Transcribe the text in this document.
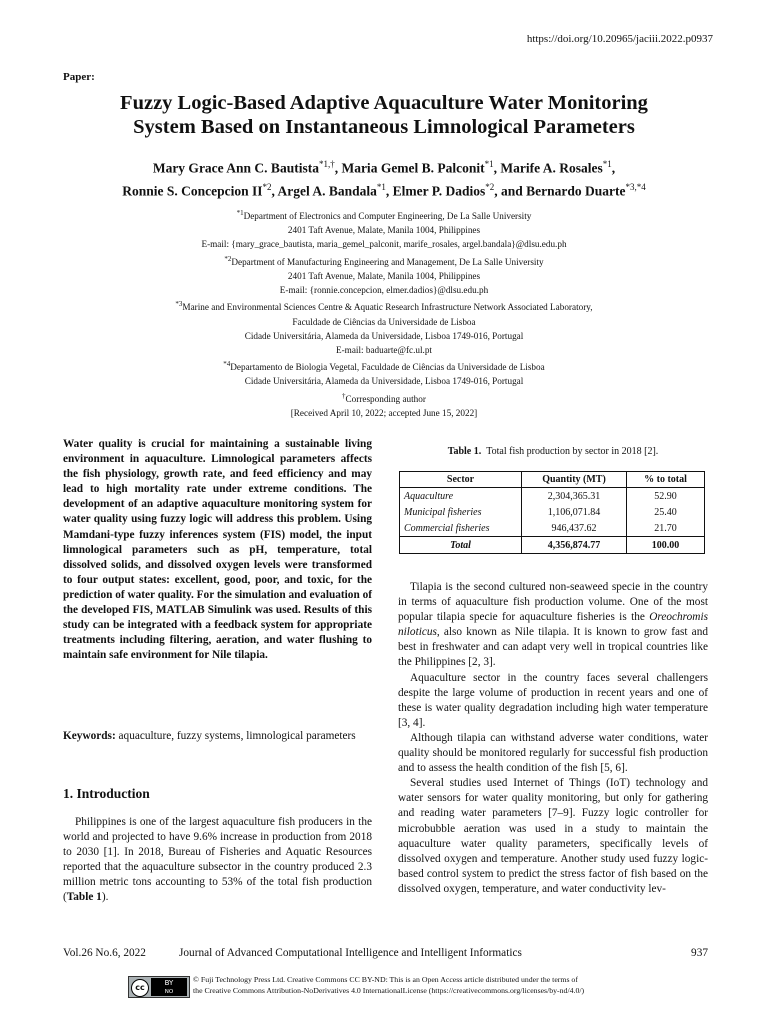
https://doi.org/10.20965/jaciii.2022.p0937
Paper:
Fuzzy Logic-Based Adaptive Aquaculture Water Monitoring
System Based on Instantaneous Limnological Parameters
Mary Grace Ann C. Bautista$^{*1,\dagger}$, Maria Gemel B. Palconit$^{*1}$, Marife A. Rosales$^{*1}$,
Ronnie S. Concepcion II$^{*2}$, Argel A. Bandala$^{*1}$, Elmer P. Dadios$^{*2}$, and Bernardo Duarte$^{*3,*4}$
$^{*1}$Department of Electronics and Computer Engineering, De La Salle University
2401 Taft Avenue, Malate, Manila 1004, Philippines
E-mail: {mary_grace_bautista, maria_gemel_palconit, marife_rosales, argel.bandala}@dlsu.edu.ph
$^{*2}$Department of Manufacturing Engineering and Management, De La Salle University
2401 Taft Avenue, Malate, Manila 1004, Philippines
E-mail: {ronnie.concepcion, elmer.dadios}@dlsu.edu.ph
$^{*3}$Marine and Environmental Sciences Centre & Aquatic Research Infrastructure Network Associated Laboratory,
Faculdade de Ciências da Universidade de Lisboa
Cidade Universitária, Alameda da Universidade, Lisboa 1749-016, Portugal
E-mail: baduarte@fc.ul.pt
$^{*4}$Departamento de Biologia Vegetal, Faculdade de Ciências da Universidade de Lisboa
Cidade Universitária, Alameda da Universidade, Lisboa 1749-016, Portugal
†Corresponding author
[Received April 10, 2022; accepted June 15, 2022]
Water quality is crucial for maintaining a sustainable living environment in aquaculture. Limnological parameters affects the fish physiology, growth rate, and feed efficiency and may lead to high mortality rate under extreme conditions. The development of an adaptive aquaculture monitoring system for water quality using fuzzy logic will address this problem. Using Mamdani-type fuzzy inferences system (FIS) model, the input limnological parameters such as pH, temperature, total dissolved solids, and dissolved oxygen levels were transformed to four output states: excellent, good, poor, and toxic, for the prediction of water quality. For the simulation and evaluation of the developed FIS, MATLAB Simulink was used. Results of this study can be integrated with a feedback system for appropriate treatments including filtering, aeration, and water flushing to maintain safe environment for Nile tilapia.
Keywords: aquaculture, fuzzy systems, limnological parameters
1. Introduction

Philippines is one of the largest aquaculture fish producers in the world and projected to have 9.6% increase in production from 2018 to 2030 [1]. In 2018, Bureau of Fisheries and Aquatic Resources reported that the aquaculture subsector in the country produced 2.3 million metric tons accounting to 53% of the total fish production (Table 1).

Table 1. Total fish production by sector in 2018 [2].
Sector	Quantity (MT)	% to total
Aquaculture	2,304,365.31	52.90
Municipal fisheries	1,106,071.84	25.40
Commercial fisheries	946,437.62	21.70
Total	4,356,874.77	100.00

Tilapia is the second cultured non-seaweed specie in the country in terms of aquaculture fish production volume. One of the most popular tilapia specie for aquaculture fisheries is the Oreochromis niloticus, also known as Nile tilapia. It is known to grow fast and best in freshwater and can adapt very well in tropical countries like the Philippines [2, 3].

Aquaculture sector in the country faces several challengers despite the large volume of production in recent years and one of these is water quality degradation including high water temperature [3, 4].

Although tilapia can withstand adverse water conditions, water quality should be monitored regularly for successful fish production and to assess the health condition of the fish [5, 6].

Several studies used Internet of Things (IoT) technology and water sensors for water quality monitoring, but only for gathering and reading water parameters [7–9]. Fuzzy logic controller for microbubble aeration was used in a study to maintain the aquaculture water quality parameters, specifically levels of dissolved oxygen and temperature. Another study used fuzzy logic-based control system to predict the stress factor of fish based on the dissolved oxygen, temperature, and water conductivity lev-

Vol.26 No.6, 2022	Journal of Advanced Computational Intelligence and Intelligent Informatics	937
cc	BY
NO
© Fuji Technology Press Ltd. Creative Commons CC BY-ND: This is an Open Access article distributed under the terms of
the Creative Commons Attribution-NoDerivatives 4.0 InternationalLicense (https://creativecommons.org/licenses/by-nd/4.0/)
